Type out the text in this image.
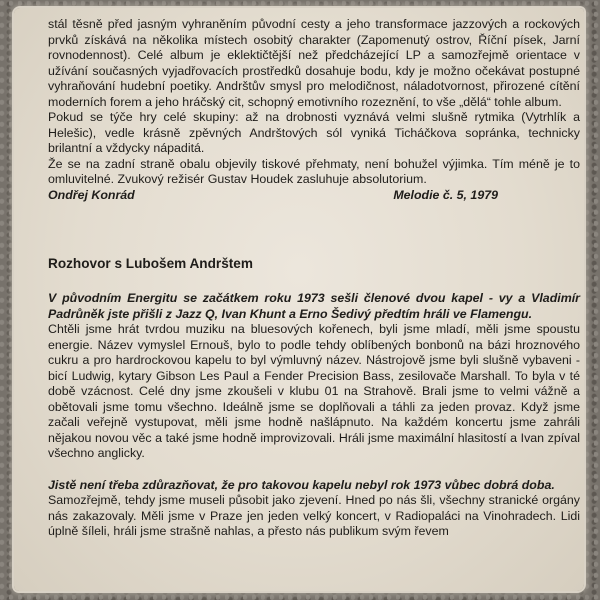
stál těsně před jasným vyhraněním původní cesty a jeho transformace jazzových a rockových prvků získává na několika místech osobitý charakter (Zapomenutý ostrov, Říční písek, Jarní rovnodennost). Celé album je eklektičtější než předcházející LP a samozřejmě orientace v užívání současných vyjadřovacích prostředků dosahuje bodu, kdy je možno očekávat postupné vyhraňování hudební poetiky. Andrštův smysl pro melodičnost, náladotvornost, přirozené cítění moderních forem a jeho hráčský cit, schopný emotivního rozeznění, to vše „dělá“ tohle album.

Pokud se týče hry celé skupiny: až na drobnosti vyznává velmi slušně rytmika (Vytrhlík a Helešic), vedle krásně zpěvných Andrštových sól vyniká Ticháčkova sopránka, technicky brilantní a vždycky nápaditá.

Že se na zadní straně obalu objevily tiskové přehmaty, není bohužel výjimka. Tím méně je to omluvitelné. Zvukový režisér Gustav Houdek zasluhuje absolutorium.

Ondřej Konrád	Melodie č. 5, 1979
Rozhovor s Lubošem Andrštem

V původním Energitu se začátkem roku 1973 sešli členové dvou kapel - vy a Vladimír Padrůněk jste přišli z Jazz Q, Ivan Khunt a Erno Šedivý předtím hráli ve Flamengu.

Chtěli jsme hrát tvrdou muziku na bluesových kořenech, byli jsme mladí, měli jsme spoustu energie. Název vymyslel Ernouš, bylo to podle tehdy oblíbených bonbonů na bázi hroznového cukru a pro hardrockovou kapelu to byl výmluvný název. Nástrojově jsme byli slušně vybaveni - bicí Ludwig, kytary Gibson Les Paul a Fender Precision Bass, zesilovače Marshall. To byla v té době vzácnost. Celé dny jsme zkoušeli v klubu 01 na Strahově. Brali jsme to velmi vážně a obětovali jsme tomu všechno. Ideálně jsme se doplňovali a táhli za jeden provaz. Když jsme začali veřejně vystupovat, měli jsme hodně našlápnuto. Na každém koncertu jsme zahráli nějakou novou věc a také jsme hodně improvizovali. Hráli jsme maximální hlasitostí a Ivan zpíval všechno anglicky.

Jistě není třeba zdůrazňovat, že pro takovou kapelu nebyl rok 1973 vůbec dobrá doba.

Samozřejmě, tehdy jsme museli působit jako zjevení. Hned po nás šli, všechny stranické orgány nás zakazovaly. Měli jsme v Praze jen jeden velký koncert, v Radiopaláci na Vinohradech. Lidi úplně šíleli, hráli jsme strašně nahlas, a přesto nás publikum svým řevem
